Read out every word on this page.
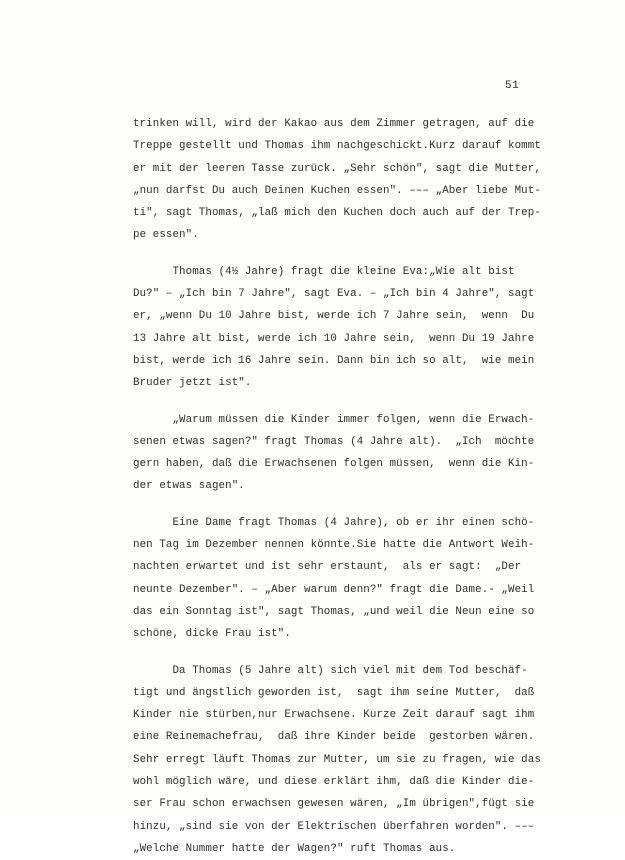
51
trinken will, wird der Kakao aus dem Zimmer getragen, auf die
Treppe gestellt und Thomas ihm nachgeschickt.Kurz darauf kommt
er mit der leeren Tasse zurück. „Sehr schön", sagt die Mutter,
„nun darfst Du auch Deinen Kuchen essen". ––– „Aber liebe Mut-
ti", sagt Thomas, „laß mich den Kuchen doch auch auf der Trep-
pe essen".
Thomas (4½ Jahre) fragt die kleine Eva:„Wie alt bist
Du?" – „Ich bin 7 Jahre", sagt Eva. – „Ich bin 4 Jahre", sagt
er, „wenn Du 10 Jahre bist, werde ich 7 Jahre sein,  wenn  Du
13 Jahre alt bist, werde ich 10 Jahre sein,  wenn Du 19 Jahre
bist, werde ich 16 Jahre sein. Dann bin ich so alt,  wie mein
Bruder jetzt ist".
„Warum müssen die Kinder immer folgen, wenn die Erwach-
senen etwas sagen?" fragt Thomas (4 Jahre alt).  „Ich  möchte
gern haben, daß die Erwachsenen folgen müssen,  wenn die Kin-
der etwas sagen".
Eine Dame fragt Thomas (4 Jahre), ob er ihr einen schö-
nen Tag im Dezember nennen könnte.Sie hatte die Antwort Weih-
nachten erwartet und ist sehr erstaunt,  als er sagt:  „Der
neunte Dezember". – „Aber warum denn?" fragt die Dame.- „Weil
das ein Sonntag ist", sagt Thomas, „und weil die Neun eine so
schöne, dicke Frau ist".
Da Thomas (5 Jahre alt) sich viel mit dem Tod beschäf-
tigt und ängstlich geworden ist,  sagt ihm seine Mutter,  daß
Kinder nie stürben,nur Erwachsene. Kurze Zeit darauf sagt ihm
eine Reinemachefrau,  daß ihre Kinder beide  gestorben wären.
Sehr erregt läuft Thomas zur Mutter, um sie zu fragen, wie das
wohl möglich wäre, und diese erklärt ihm, daß die Kinder die-
ser Frau schon erwachsen gewesen wären, „Im übrigen",fügt sie
hinzu, „sind sie von der Elektrischen überfahren worden". –––
„Welche Nummer hatte der Wagen?" ruft Thomas aus.
